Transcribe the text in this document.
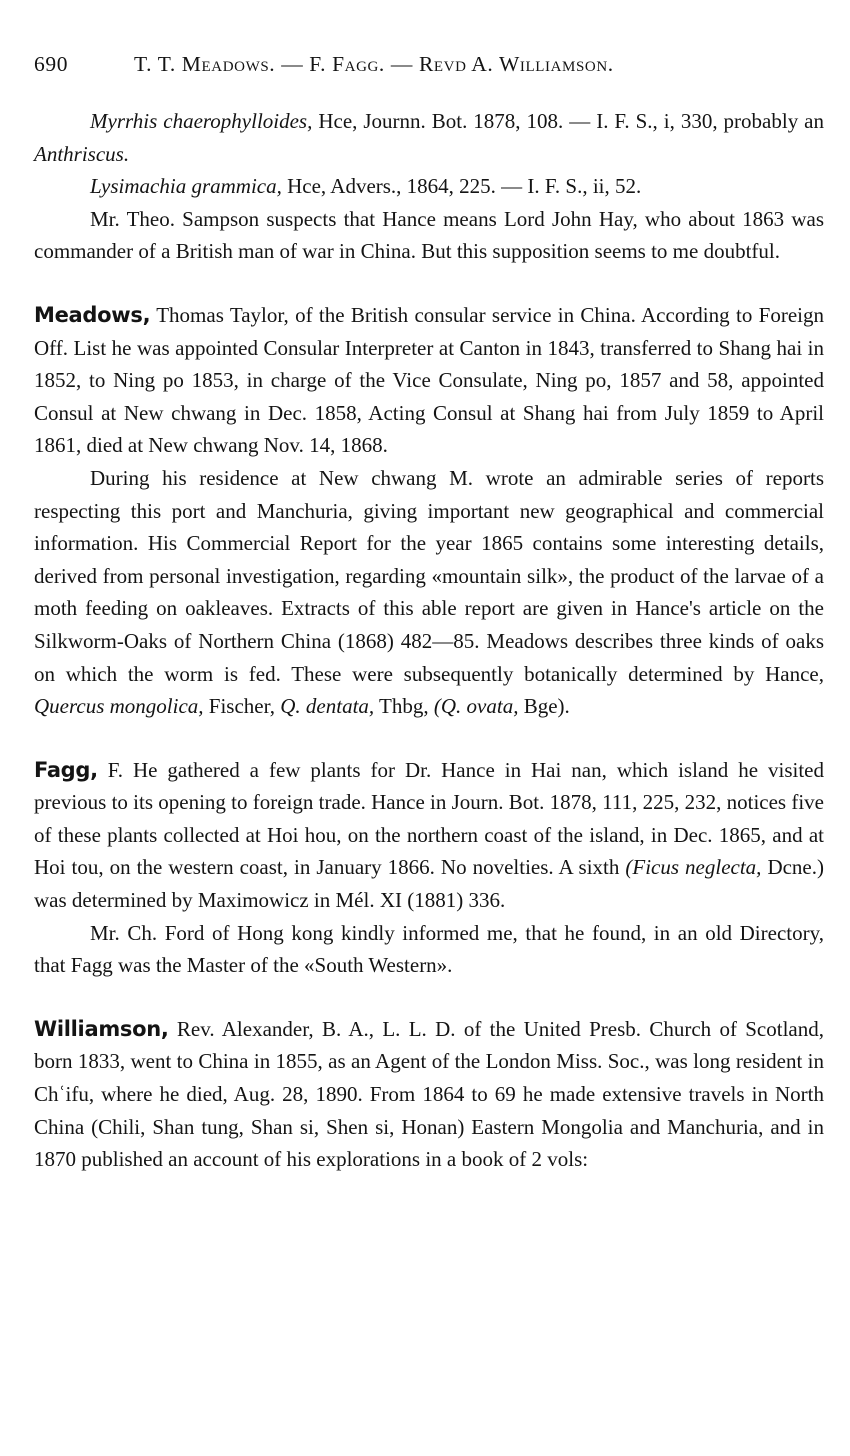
690	T. T. Meadows. — F. Fagg. — Revd A. Williamson.

Myrrhis chaerophylloides, Hce, Journn. Bot. 1878, 108. — I. F. S., i, 330, probably an Anthriscus.

Lysimachia grammica, Hce, Advers., 1864, 225. — I. F. S., ii, 52.

Mr. Theo. Sampson suspects that Hance means Lord John Hay, who about 1863 was commander of a British man of war in China. But this supposition seems to me doubtful.

Meadows, Thomas Taylor, of the British consular service in China. According to Foreign Off. List he was appointed Consular Interpreter at Canton in 1843, transferred to Shang hai in 1852, to Ning po 1853, in charge of the Vice Consulate, Ning po, 1857 and 58, appointed Consul at New chwang in Dec. 1858, Acting Consul at Shang hai from July 1859 to April 1861, died at New chwang Nov. 14, 1868.

During his residence at New chwang M. wrote an admirable series of reports respecting this port and Manchuria, giving important new geographical and commercial information. His Commercial Report for the year 1865 contains some interesting details, derived from personal investigation, regarding «mountain silk», the product of the larvae of a moth feeding on oakleaves. Extracts of this able report are given in Hance's article on the Silkworm-Oaks of Northern China (1868) 482—85. Meadows describes three kinds of oaks on which the worm is fed. These were subsequently botanically determined by Hance, Quercus mongolica, Fischer, Q. dentata, Thbg, (Q. ovata, Bge).

Fagg, F. He gathered a few plants for Dr. Hance in Hai nan, which island he visited previous to its opening to foreign trade. Hance in Journ. Bot. 1878, 111, 225, 232, notices five of these plants collected at Hoi hou, on the northern coast of the island, in Dec. 1865, and at Hoi tou, on the western coast, in January 1866. No novelties. A sixth (Ficus neglecta, Dcne.) was determined by Maximowicz in Mél. XI (1881) 336.

Mr. Ch. Ford of Hong kong kindly informed me, that he found, in an old Directory, that Fagg was the Master of the «South Western».

Williamson, Rev. Alexander, B. A., L. L. D. of the United Presb. Church of Scotland, born 1833, went to China in 1855, as an Agent of the London Miss. Soc., was long resident in Chʿifu, where he died, Aug. 28, 1890. From 1864 to 69 he made extensive travels in North China (Chili, Shan tung, Shan si, Shen si, Honan) Eastern Mongolia and Manchuria, and in 1870 published an account of his explorations in a book of 2 vols:
